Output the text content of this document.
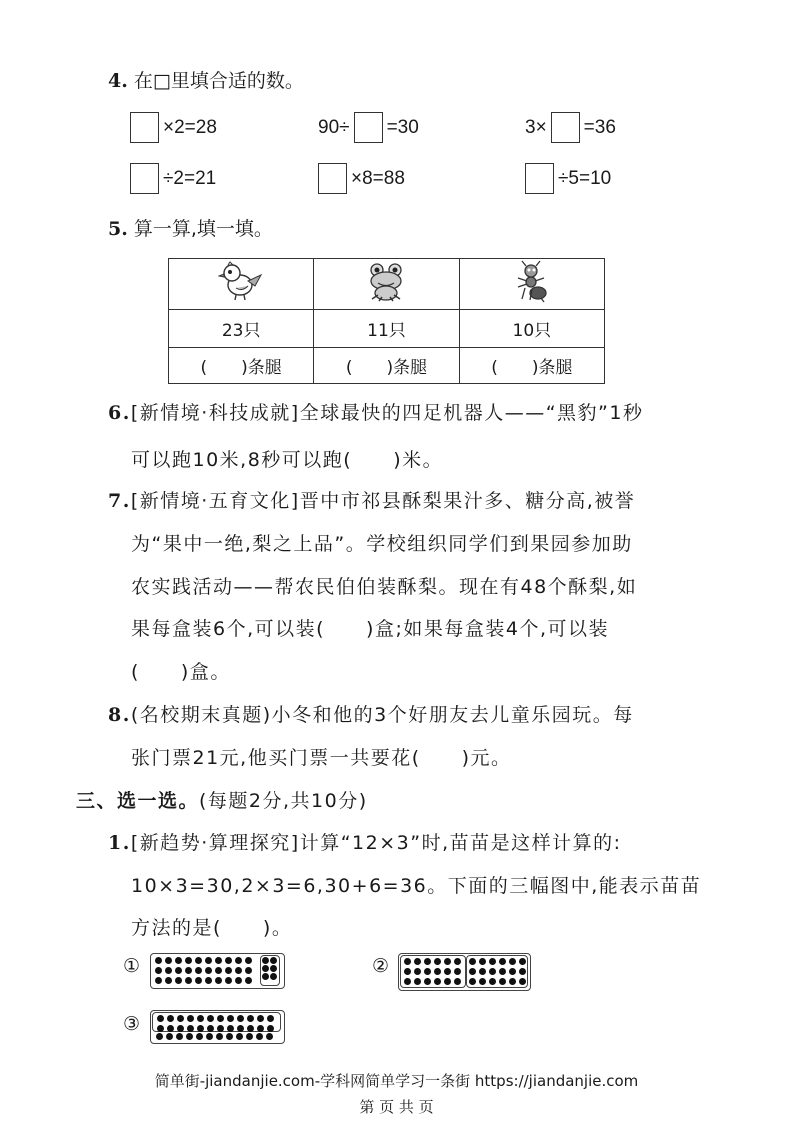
4. 在□里填合适的数。
×2=28	90÷ =30	3× =36
÷2=21	×8=88	÷5=10
5. 算一算,填一填。

23只	11只	10只
(　　)条腿	(　　)条腿	(　　)条腿
6.[新情境·科技成就]全球最快的四足机器人——“黑豹”1秒
可以跑10米,8秒可以跑(　　)米。
7.[新情境·五育文化]晋中市祁县酥梨果汁多、糖分高,被誉
为“果中一绝,梨之上品”。学校组织同学们到果园参加助
农实践活动——帮农民伯伯装酥梨。现在有48个酥梨,如
果每盒装6个,可以装(　　)盒;如果每盒装4个,可以装
(　　)盒。
8.(名校期末真题)小冬和他的3个好朋友去儿童乐园玩。每
张门票21元,他买门票一共要花(　　)元。
三、选一选。(每题2分,共10分)
1.[新趋势·算理探究]计算“12×3”时,苗苗是这样计算的:
10×3=30,2×3=6,30+6=36。下面的三幅图中,能表示苗苗
方法的是(　　)。
①	②
③
简单街-jiandanjie.com-学科网简单学习一条街 https://jiandanjie.com
第 页 共 页
